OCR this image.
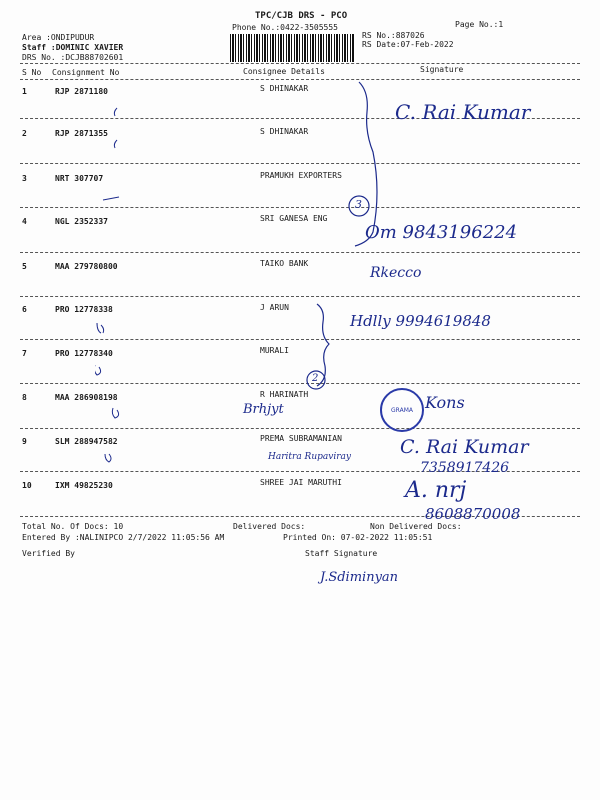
TPC/CJB DRS - PCO
Phone No.:0422-3505555	Page No.:1
RS No.:887026
RS Date:07-Feb-2022
Area :ONDIPUDUR
Staff :DOMINIC XAVIER
DRS No. :DCJB88702601
S No Consignment No	Consignee Details	Signature
1	RJP 2871180	S DHINAKAR
2	RJP 2871355	S DHINAKAR
3	NRT 307707	PRAMUKH EXPORTERS
4	NGL 2352337	SRI GANESA ENG
5	MAA 279780800	TAIKO BANK
6	PRO 12778338	J ARUN
7	PRO 12778340	MURALI
8	MAA 286908198	R HARINATH
9	SLM 288947582	PREMA SUBRAMANIAN
10	IXM 49825230	SHREE JAI MARUTHI
3
2
C. Rai Kumar
Om 9843196224
Rkecco
Hdlly 9994619848
Brhjyt	GRAMA Kons
Haritra Rupaviray	C. Rai Kumar
7358917426
A. nrj
8608870008
Total No. Of Docs: 10	Delivered Docs:	Non Delivered Docs:
Entered By :NALINIPCO 2/7/2022 11:05:56 AM	Printed On: 07-02-2022 11:05:51
Verified By	Staff Signature
J.Sdiminyan
